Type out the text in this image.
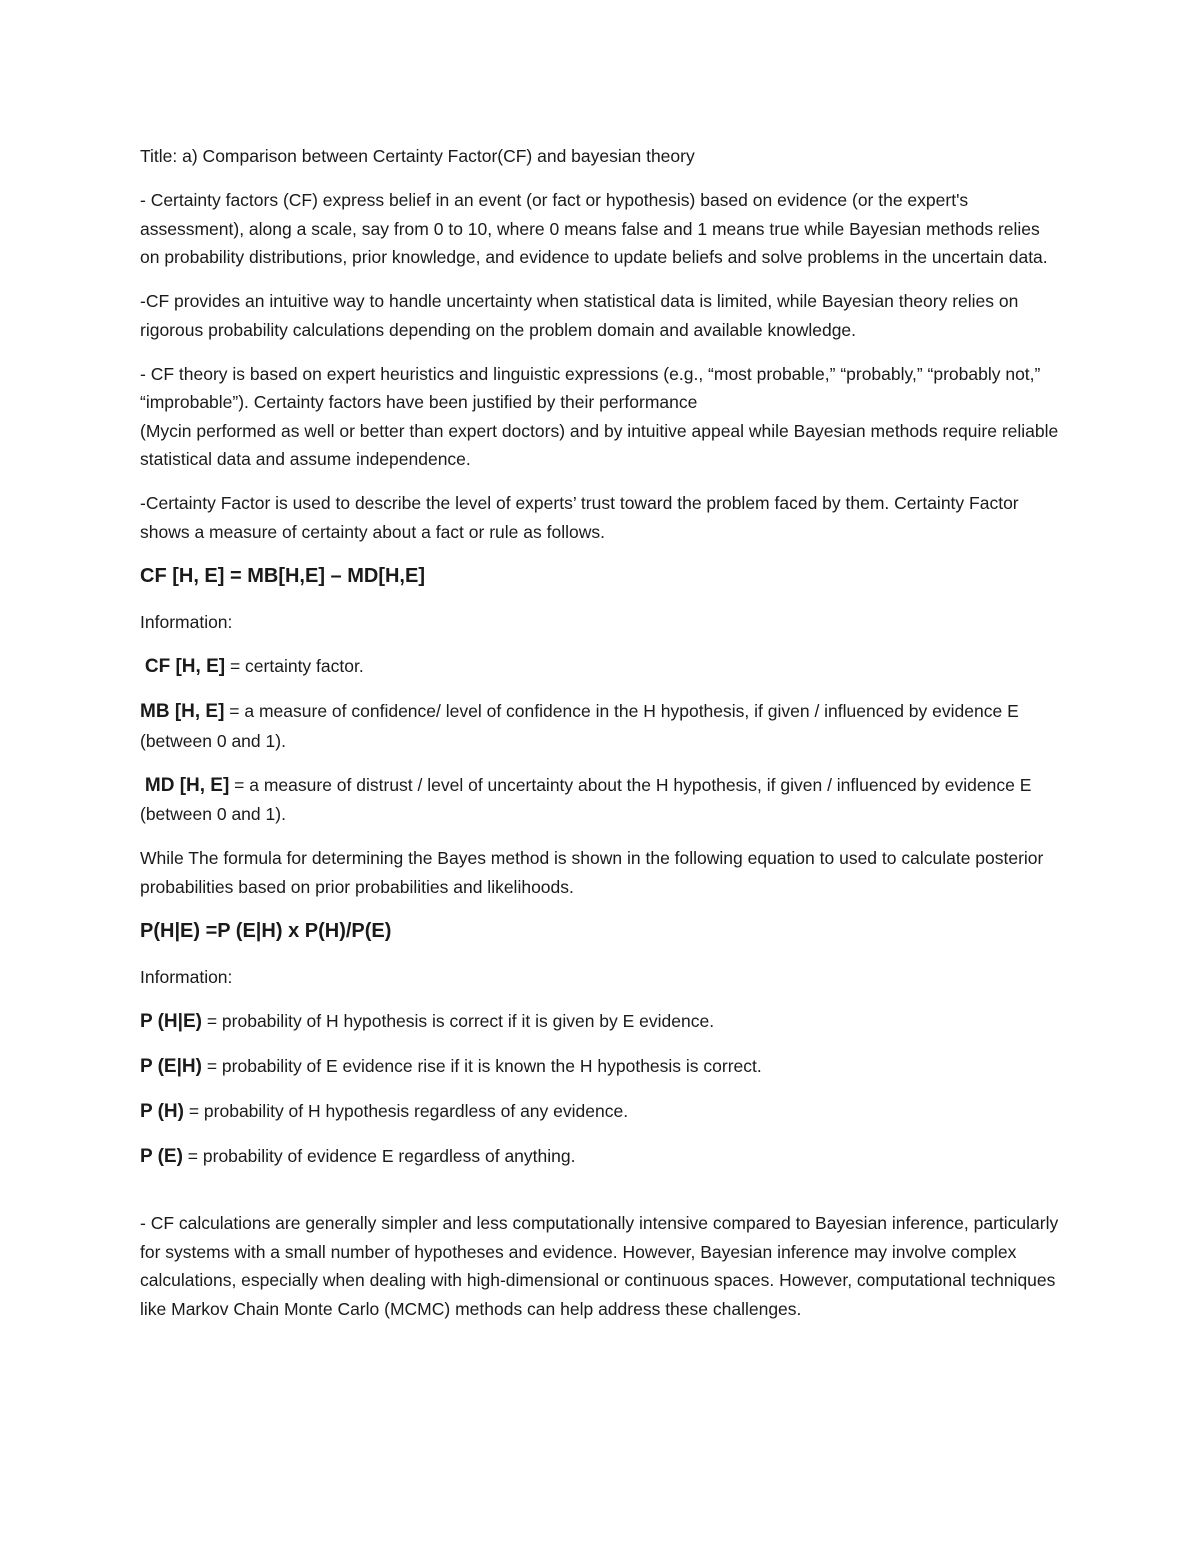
Title: a) Comparison between Certainty Factor(CF) and bayesian theory

- Certainty factors (CF) express belief in an event (or fact or hypothesis) based on evidence (or the expert's assessment), along a scale, say from 0 to 10, where 0 means false and 1 means true while Bayesian methods relies on probability distributions, prior knowledge, and evidence to update beliefs and solve problems in the uncertain data.

-CF provides an intuitive way to handle uncertainty when statistical data is limited, while Bayesian theory relies on rigorous probability calculations depending on the problem domain and available knowledge.

- CF theory is based on expert heuristics and linguistic expressions (e.g., “most probable,” “probably,” “probably not,” “improbable”). Certainty factors have been justified by their performance
(Mycin performed as well or better than expert doctors) and by intuitive appeal while Bayesian methods require reliable statistical data and assume independence.

-Certainty Factor is used to describe the level of experts’ trust toward the problem faced by them. Certainty Factor shows a measure of certainty about a fact or rule as follows.

CF [H, E] = MB[H,E] – MD[H,E]

Information:

CF [H, E] = certainty factor.

MB [H, E] = a measure of confidence/ level of confidence in the H hypothesis, if given / influenced by evidence E (between 0 and 1).

MD [H, E] = a measure of distrust / level of uncertainty about the H hypothesis, if given / influenced by evidence E (between 0 and 1).

While The formula for determining the Bayes method is shown in the following equation to used to calculate posterior probabilities based on prior probabilities and likelihoods.

P(H|E) =P (E|H) x P(H)/P(E)

Information:

P (H|E) = probability of H hypothesis is correct if it is given by E evidence.

P (E|H) = probability of E evidence rise if it is known the H hypothesis is correct.

P (H) = probability of H hypothesis regardless of any evidence.

P (E) = probability of evidence E regardless of anything.

- CF calculations are generally simpler and less computationally intensive compared to Bayesian inference, particularly for systems with a small number of hypotheses and evidence. However, Bayesian inference may involve complex calculations, especially when dealing with high-dimensional or continuous spaces. However, computational techniques like Markov Chain Monte Carlo (MCMC) methods can help address these challenges.
